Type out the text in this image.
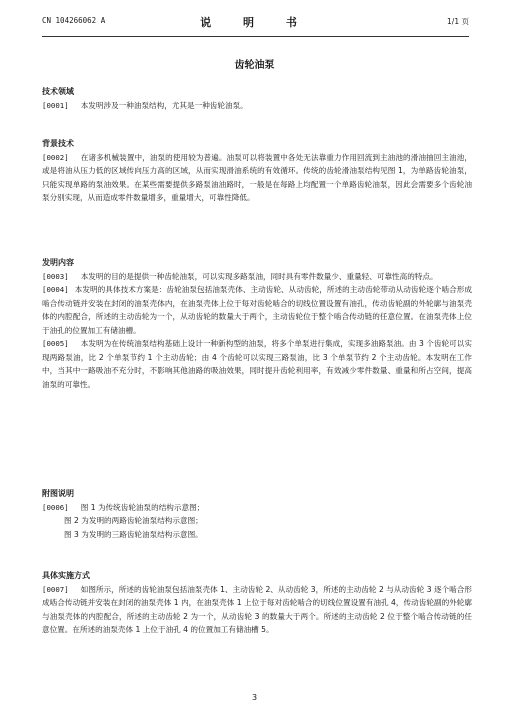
CN 104266062 A	说 明 书	1/1 页
齿轮油泵
技术领域

[0001] 本发明涉及一种油泵结构，尤其是一种齿轮油泵。

背景技术

[0002] 在诸多机械装置中，油泵的使用较为普遍。油泵可以将装置中各处无法靠重力作用回流到主油池的滑油抽回主油池，或是将油从压力低的区域传向压力高的区域，从而实现滑油系统的有效循环。传统的齿轮滑油泵结构见图 1，为单路齿轮油泵，只能实现单路的泵油效果。在某些需要提供多路泵油油路时，一般是在每路上均配置一个单路齿轮油泵，因此会需要多个齿轮油泵分别实现，从而造成零件数量增多，重量增大，可靠性降低。

发明内容

[0003] 本发明的目的是提供一种齿轮油泵，可以实现多路泵油，同时具有零件数量少、重量轻、可靠性高的特点。

[0004] 本发明的具体技术方案是：齿轮油泵包括油泵壳体、主动齿轮、从动齿轮，所述的主动齿轮带动从动齿轮逐个啮合形成啮合传动链并安装在封闭的油泵壳体内，在油泵壳体上位于每对齿轮啮合的切线位置设置有油孔，传动齿轮副的外轮廓与油泵壳体的内腔配合，所述的主动齿轮为一个，从动齿轮的数量大于两个，主动齿轮位于整个啮合传动链的任意位置。在油泵壳体上位于油孔的位置加工有储油槽。

[0005] 本发明为在传统油泵结构基础上设计一种新构型的油泵，将多个单泵进行集成，实现多油路泵油。由 3 个齿轮可以实现两路泵油，比 2 个单泵节约 1 个主动齿轮；由 4 个齿轮可以实现三路泵油，比 3 个单泵节约 2 个主动齿轮。本发明在工作中，当其中一路吸油不充分时，不影响其他油路的吸油效果，同时提升齿轮利用率，有效减少零件数量、重量和所占空间，提高油泵的可靠性。

附图说明

[0006] 图 1 为传统齿轮油泵的结构示意图；

图 2 为发明的两路齿轮油泵结构示意图；

图 3 为发明的三路齿轮油泵结构示意图。

具体实施方式

[0007] 如图所示，所述的齿轮油泵包括油泵壳体 1、主动齿轮 2、从动齿轮 3，所述的主动齿轮 2 与从动齿轮 3 逐个啮合形成啮合传动链并安装在封闭的油泵壳体 1 内，在油泵壳体 1 上位于每对齿轮啮合的切线位置设置有油孔 4，传动齿轮副的外轮廓与油泵壳体的内腔配合，所述的主动齿轮 2 为一个，从动齿轮 3 的数量大于两个。所述的主动齿轮 2 位于整个啮合传动链的任意位置。在所述的油泵壳体 1 上位于油孔 4 的位置加工有储油槽 5。

3
